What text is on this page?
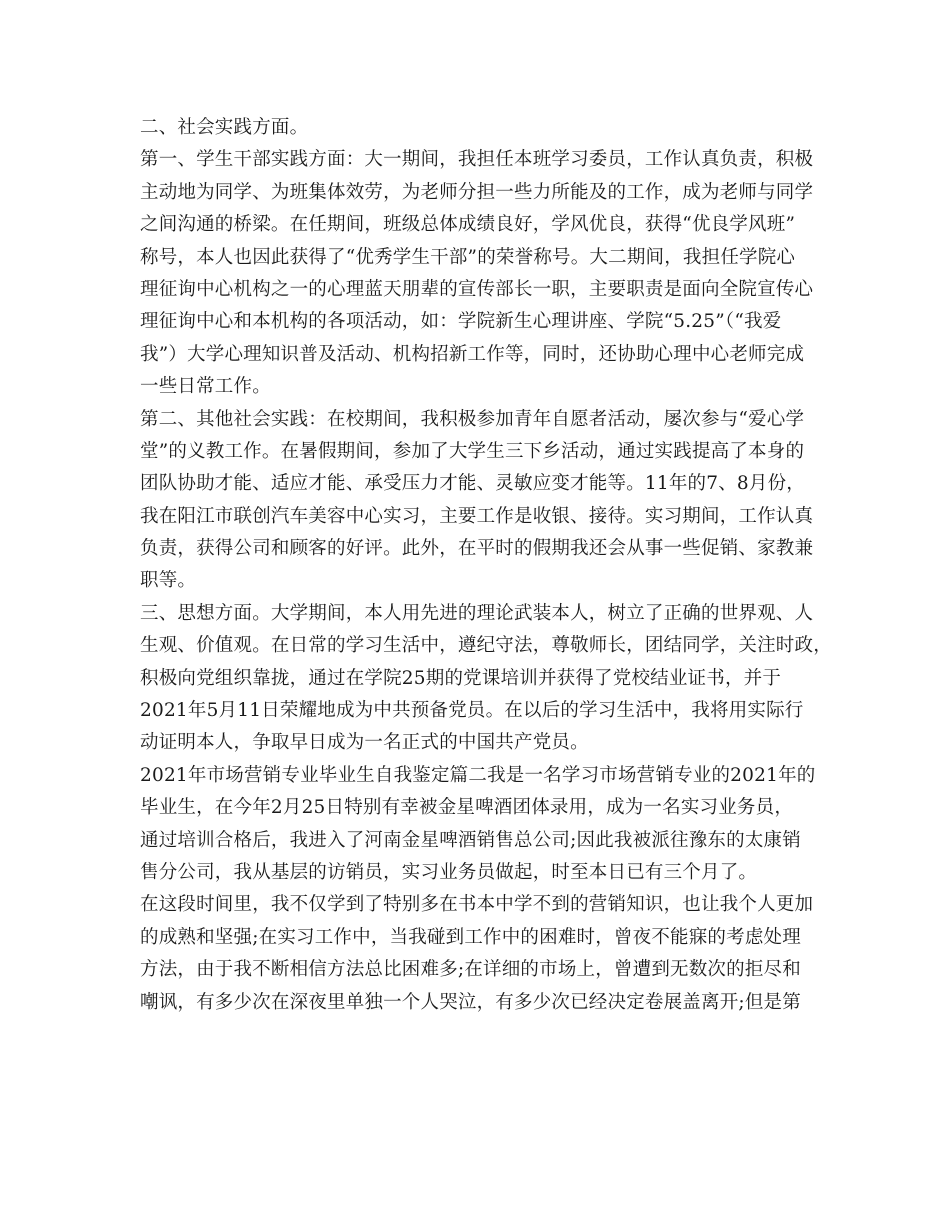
二、社会实践方面。
第一、学生干部实践方面：大一期间，我担任本班学习委员，工作认真负责，积极
主动地为同学、为班集体效劳，为老师分担一些力所能及的工作，成为老师与同学
之间沟通的桥梁。在任期间，班级总体成绩良好，学风优良，获得“优良学风班”
称号，本人也因此获得了“优秀学生干部”的荣誉称号。大二期间，我担任学院心
理征询中心机构之一的心理蓝天朋辈的宣传部长一职，主要职责是面向全院宣传心
理征询中心和本机构的各项活动，如：学院新生心理讲座、学院“5.25”（“我爱
我”）大学心理知识普及活动、机构招新工作等，同时，还协助心理中心老师完成
一些日常工作。
第二、其他社会实践：在校期间，我积极参加青年自愿者活动，屡次参与“爱心学
堂”的义教工作。在暑假期间，参加了大学生三下乡活动，通过实践提高了本身的
团队协助才能、适应才能、承受压力才能、灵敏应变才能等。11年的7、8月份，
我在阳江市联创汽车美容中心实习，主要工作是收银、接待。实习期间，工作认真
负责，获得公司和顾客的好评。此外，在平时的假期我还会从事一些促销、家教兼
职等。
三、思想方面。大学期间，本人用先进的理论武装本人，树立了正确的世界观、人
生观、价值观。在日常的学习生活中，遵纪守法，尊敬师长，团结同学，关注时政，
积极向党组织靠拢，通过在学院25期的党课培训并获得了党校结业证书，并于
2021年5月11日荣耀地成为中共预备党员。在以后的学习生活中，我将用实际行
动证明本人，争取早日成为一名正式的中国共产党员。
2021年市场营销专业毕业生自我鉴定篇二我是一名学习市场营销专业的2021年的
毕业生，在今年2月25日特别有幸被金星啤酒团体录用，成为一名实习业务员，
通过培训合格后，我进入了河南金星啤酒销售总公司;因此我被派往豫东的太康销
售分公司，我从基层的访销员，实习业务员做起，时至本日已有三个月了。
在这段时间里，我不仅学到了特别多在书本中学不到的营销知识，也让我个人更加
的成熟和坚强;在实习工作中，当我碰到工作中的困难时，曾夜不能寐的考虑处理
方法，由于我不断相信方法总比困难多;在详细的市场上，曾遭到无数次的拒尽和
嘲讽，有多少次在深夜里单独一个人哭泣，有多少次已经决定卷展盖离开;但是第
